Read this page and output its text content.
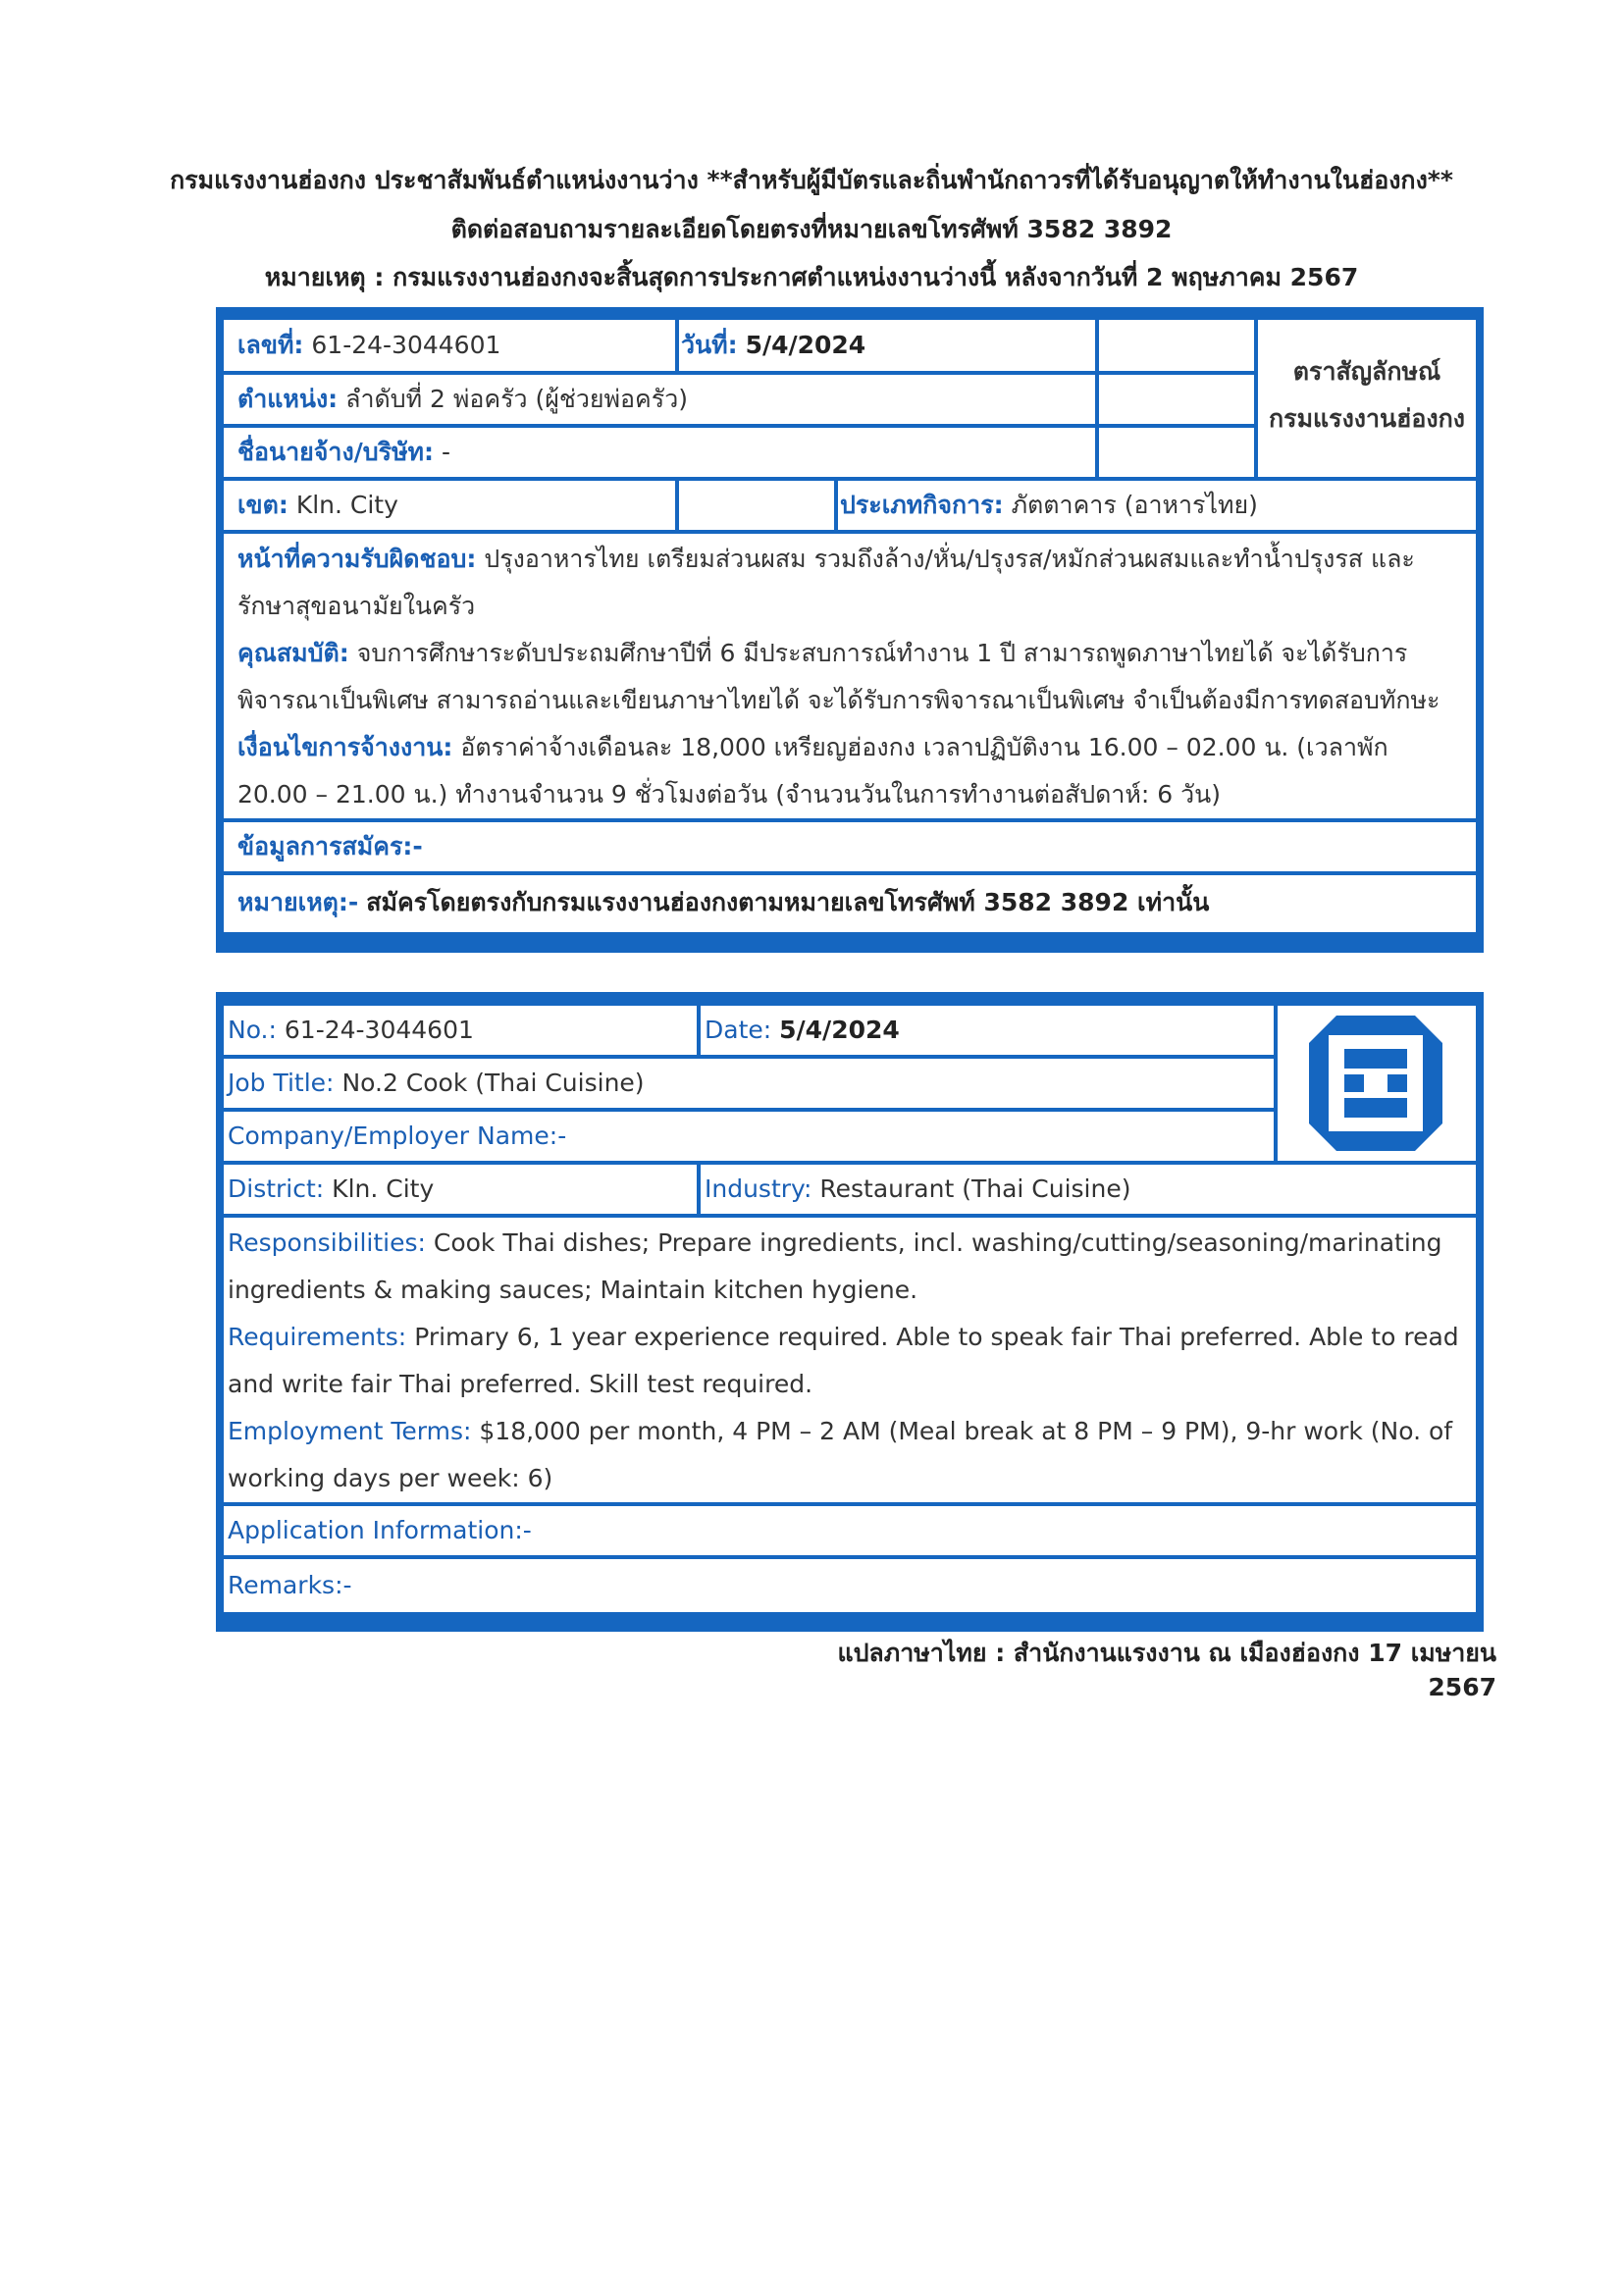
กรมแรงงานฮ่องกง ประชาสัมพันธ์ตำแหน่งงานว่าง **สำหรับผู้มีบัตรและถิ่นพำนักถาวรที่ได้รับอนุญาตให้ทำงานในฮ่องกง**
ติดต่อสอบถามรายละเอียดโดยตรงที่หมายเลขโทรศัพท์ 3582 3892
หมายเหตุ : กรมแรงงานฮ่องกงจะสิ้นสุดการประกาศตำแหน่งงานว่างนี้ หลังจากวันที่ 2 พฤษภาคม 2567
เลขที่: 61-24-3044601	วันที่: 5/4/2024
ตราสัญลักษณ์
กรมแรงงานฮ่องกง
ตำแหน่ง: ลำดับที่ 2 พ่อครัว (ผู้ช่วยพ่อครัว)
ชื่อนายจ้าง/บริษัท: -
เขต: Kln. City	ประเภทกิจการ: ภัตตาคาร (อาหารไทย)
หน้าที่ความรับผิดชอบ: ปรุงอาหารไทย เตรียมส่วนผสม รวมถึงล้าง/หั่น/ปรุงรส/หมักส่วนผสมและทำน้ำปรุงรส และรักษาสุขอนามัยในครัว
คุณสมบัติ: จบการศึกษาระดับประถมศึกษาปีที่ 6 มีประสบการณ์ทำงาน 1 ปี สามารถพูดภาษาไทยได้ จะได้รับการพิจารณาเป็นพิเศษ สามารถอ่านและเขียนภาษาไทยได้ จะได้รับการพิจารณาเป็นพิเศษ จำเป็นต้องมีการทดสอบทักษะ
เงื่อนไขการจ้างงาน: อัตราค่าจ้างเดือนละ 18,000 เหรียญฮ่องกง เวลาปฏิบัติงาน 16.00 – 02.00 น. (เวลาพัก 20.00 – 21.00 น.) ทำงานจำนวน 9 ชั่วโมงต่อวัน (จำนวนวันในการทำงานต่อสัปดาห์: 6 วัน)
ข้อมูลการสมัคร:-
หมายเหตุ:- สมัครโดยตรงกับกรมแรงงานฮ่องกงตามหมายเลขโทรศัพท์ 3582 3892 เท่านั้น
No.: 61-24-3044601	Date: 5/4/2024
Job Title: No.2 Cook (Thai Cuisine)
Company/Employer Name:-
District: Kln. City	Industry: Restaurant (Thai Cuisine)
Responsibilities: Cook Thai dishes; Prepare ingredients, incl. washing/cutting/seasoning/marinating ingredients & making sauces; Maintain kitchen hygiene.
Requirements: Primary 6, 1 year experience required. Able to speak fair Thai preferred. Able to read and write fair Thai preferred. Skill test required.
Employment Terms: $18,000 per month, 4 PM – 2 AM (Meal break at 8 PM – 9 PM), 9-hr work (No. of working days per week: 6)
Application Information:-
Remarks:-
แปลภาษาไทย : สำนักงานแรงงาน ณ เมืองฮ่องกง 17 เมษายน 2567
